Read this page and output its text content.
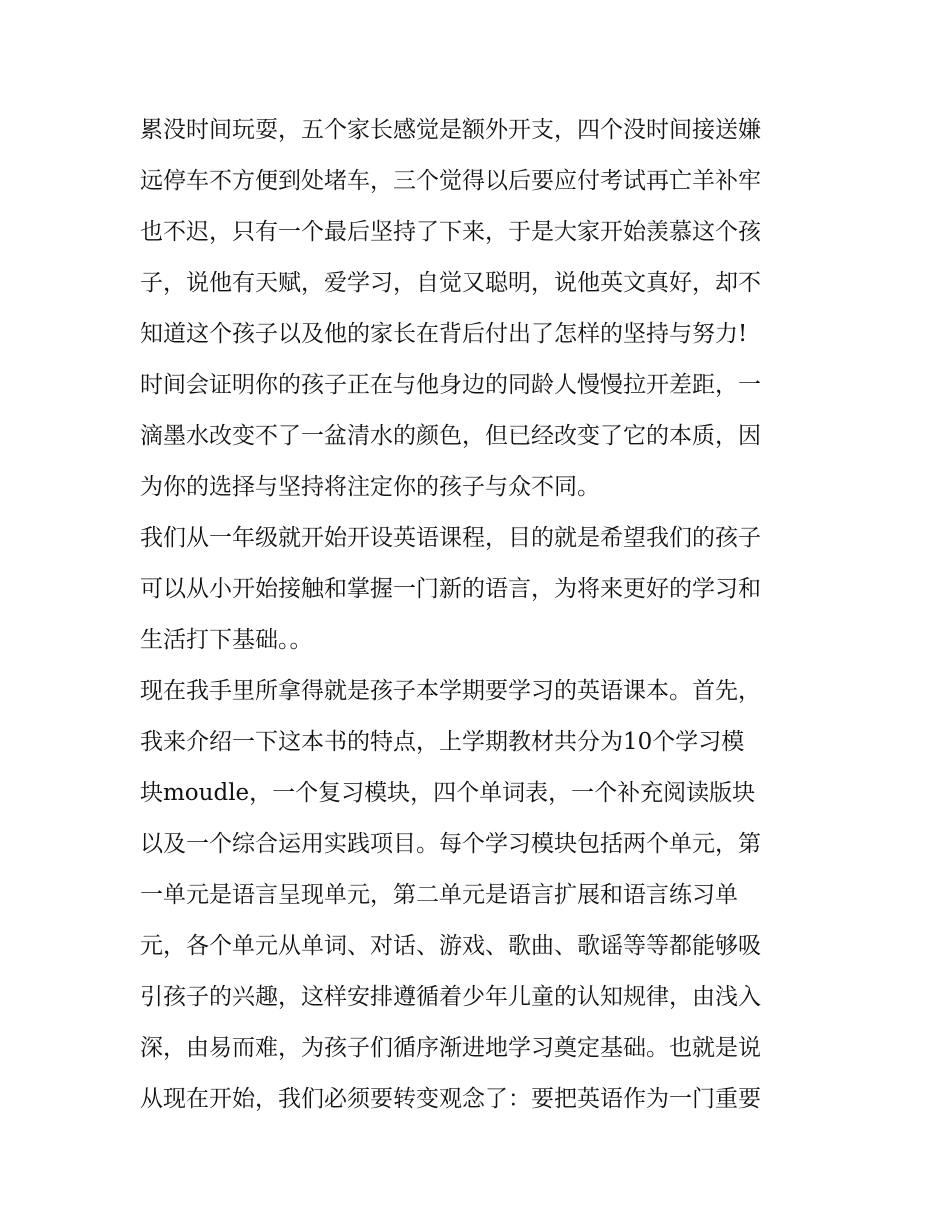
累没时间玩耍，五个家长感觉是额外开支，四个没时间接送嫌
远停车不方便到处堵车，三个觉得以后要应付考试再亡羊补牢
也不迟，只有一个最后坚持了下来，于是大家开始羡慕这个孩
子，说他有天赋，爱学习，自觉又聪明，说他英文真好，却不
知道这个孩子以及他的家长在背后付出了怎样的坚持与努力!
时间会证明你的孩子正在与他身边的同龄人慢慢拉开差距，一
滴墨水改变不了一盆清水的颜色，但已经改变了它的本质，因
为你的选择与坚持将注定你的孩子与众不同。
我们从一年级就开始开设英语课程，目的就是希望我们的孩子
可以从小开始接触和掌握一门新的语言，为将来更好的学习和
生活打下基础。。
现在我手里所拿得就是孩子本学期要学习的英语课本。首先，
我来介绍一下这本书的特点，上学期教材共分为10个学习模
块moudle，一个复习模块，四个单词表，一个补充阅读版块
以及一个综合运用实践项目。每个学习模块包括两个单元，第
一单元是语言呈现单元，第二单元是语言扩展和语言练习单
元，各个单元从单词、对话、游戏、歌曲、歌谣等等都能够吸
引孩子的兴趣，这样安排遵循着少年儿童的认知规律，由浅入
深，由易而难，为孩子们循序渐进地学习奠定基础。也就是说
从现在开始，我们必须要转变观念了：要把英语作为一门重要
